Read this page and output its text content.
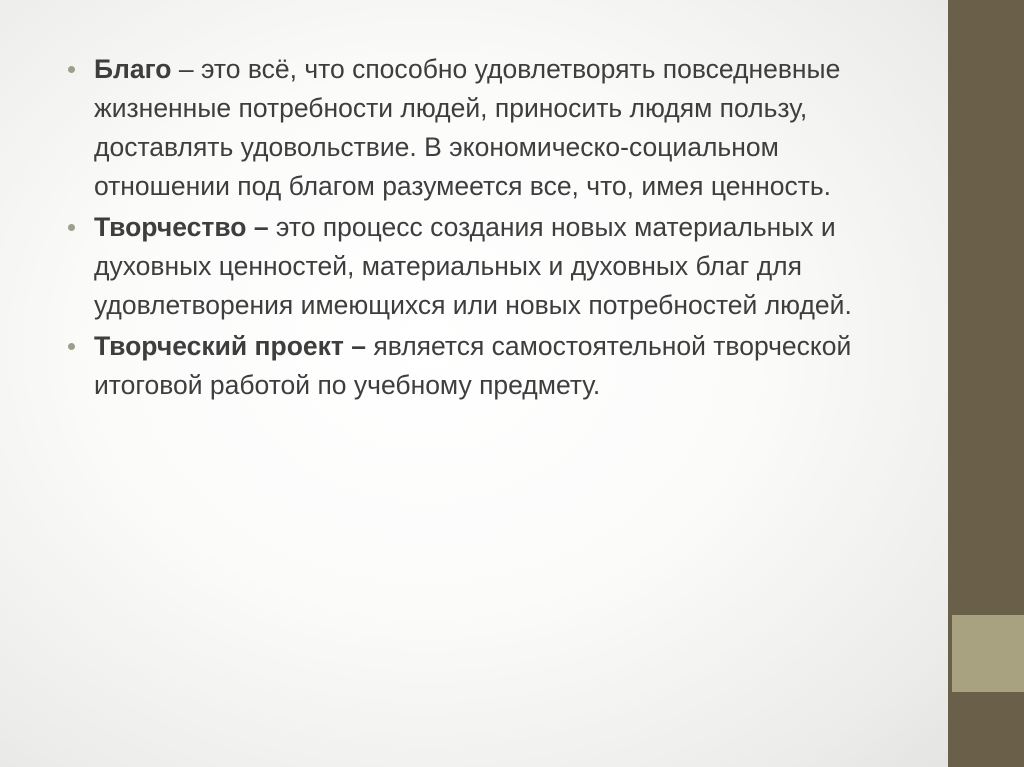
Благо – это всё, что способно удовлетворять повседневные жизненные потребности людей, приносить людям пользу, доставлять удовольствие. В экономическо-социальном отношении под благом разумеется все, что, имея ценность.
Творчество – это процесс создания новых материальных и духовных ценностей, материальных и духовных благ для удовлетворения имеющихся или новых потребностей людей.
Творческий проект – является самостоятельной творческой итоговой работой по учебному предмету.
